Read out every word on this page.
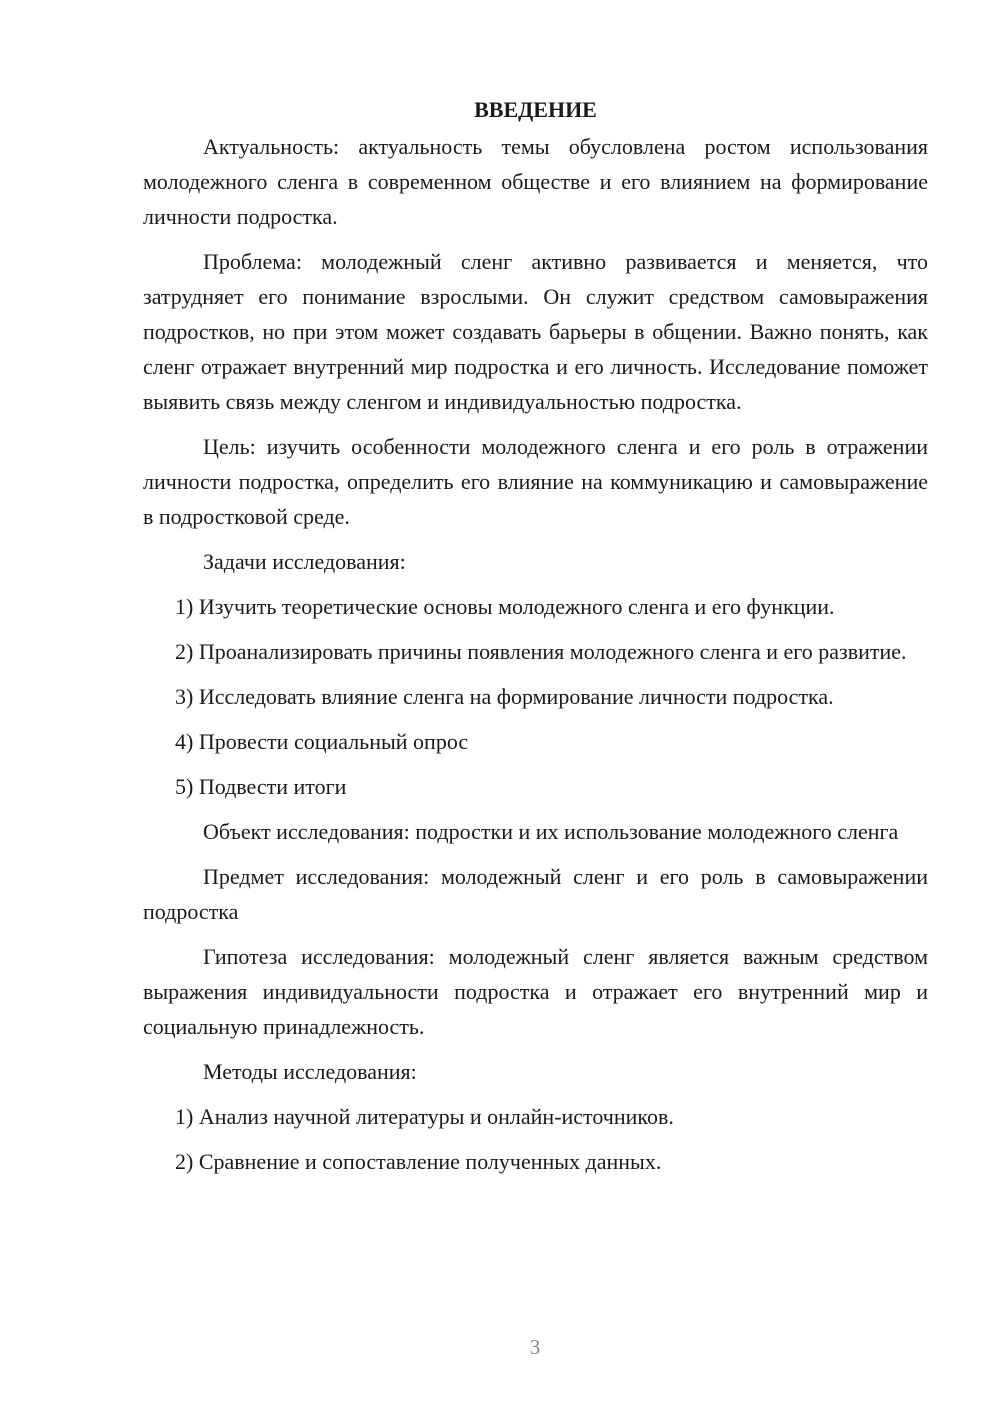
ВВЕДЕНИЕ
Актуальность: актуальность темы обусловлена ростом использования молодежного сленга в современном обществе и его влиянием на формирование личности подростка.
Проблема: молодежный сленг активно развивается и меняется, что затрудняет его понимание взрослыми. Он служит средством самовыражения подростков, но при этом может создавать барьеры в общении. Важно понять, как сленг отражает внутренний мир подростка и его личность. Исследование поможет выявить связь между сленгом и индивидуальностью подростка.
Цель: изучить особенности молодежного сленга и его роль в отражении личности подростка, определить его влияние на коммуникацию и самовыражение в подростковой среде.
Задачи исследования:
1) Изучить теоретические основы молодежного сленга и его функции.
2) Проанализировать причины появления молодежного сленга и его развитие.
3) Исследовать влияние сленга на формирование личности подростка.
4) Провести социальный опрос
5) Подвести итоги
Объект исследования: подростки и их использование молодежного сленга
Предмет исследования: молодежный сленг и его роль в самовыражении подростка
Гипотеза исследования: молодежный сленг является важным средством выражения индивидуальности подростка и отражает его внутренний мир и социальную принадлежность.
Методы исследования:
1) Анализ научной литературы и онлайн-источников.
2) Сравнение и сопоставление полученных данных.
3
